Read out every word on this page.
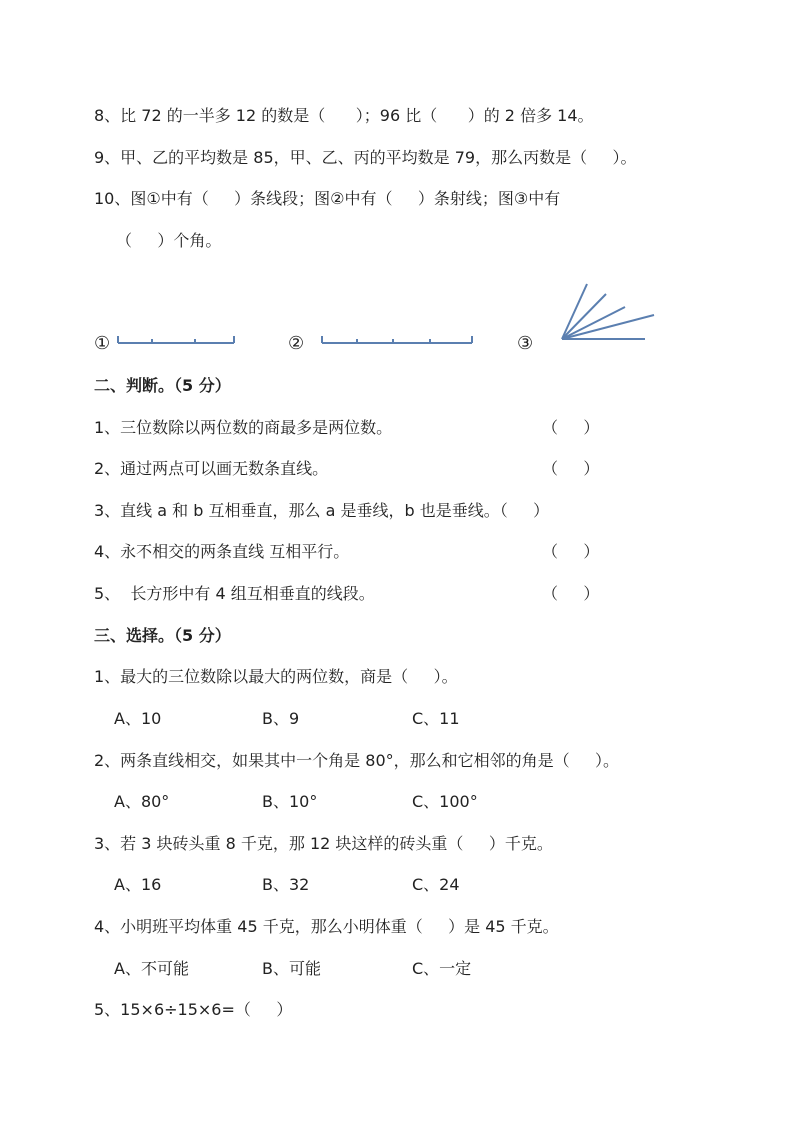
8、比 72 的一半多 12 的数是（      ）；96 比（      ）的 2 倍多 14。
9、甲、乙的平均数是 85，甲、乙、丙的平均数是 79，那么丙数是（     ）。
10、图①中有（     ）条线段；图②中有（     ）条射线；图③中有
（     ）个角。
①	②	③
二、判断。（5 分）
1、三位数除以两位数的商最多是两位数。	（     ）
2、通过两点可以画无数条直线。	（     ）
3、直线 a 和 b 互相垂直，那么 a 是垂线，b 也是垂线。（     ）
4、永不相交的两条直线 互相平行。	（     ）
5、  长方形中有 4 组互相垂直的线段。	（     ）
三、选择。（5 分）
1、最大的三位数除以最大的两位数，商是（     ）。
A、10	B、9	C、11
2、两条直线相交，如果其中一个角是 80°，那么和它相邻的角是（     ）。
A、80°	B、10°	C、100°
3、若 3 块砖头重 8 千克，那 12 块这样的砖头重（     ）千克。
A、16	B、32	C、24
4、小明班平均体重 45 千克，那么小明体重（     ）是 45 千克。
A、不可能	B、可能	C、一定
5、15×6÷15×6=（     ）
